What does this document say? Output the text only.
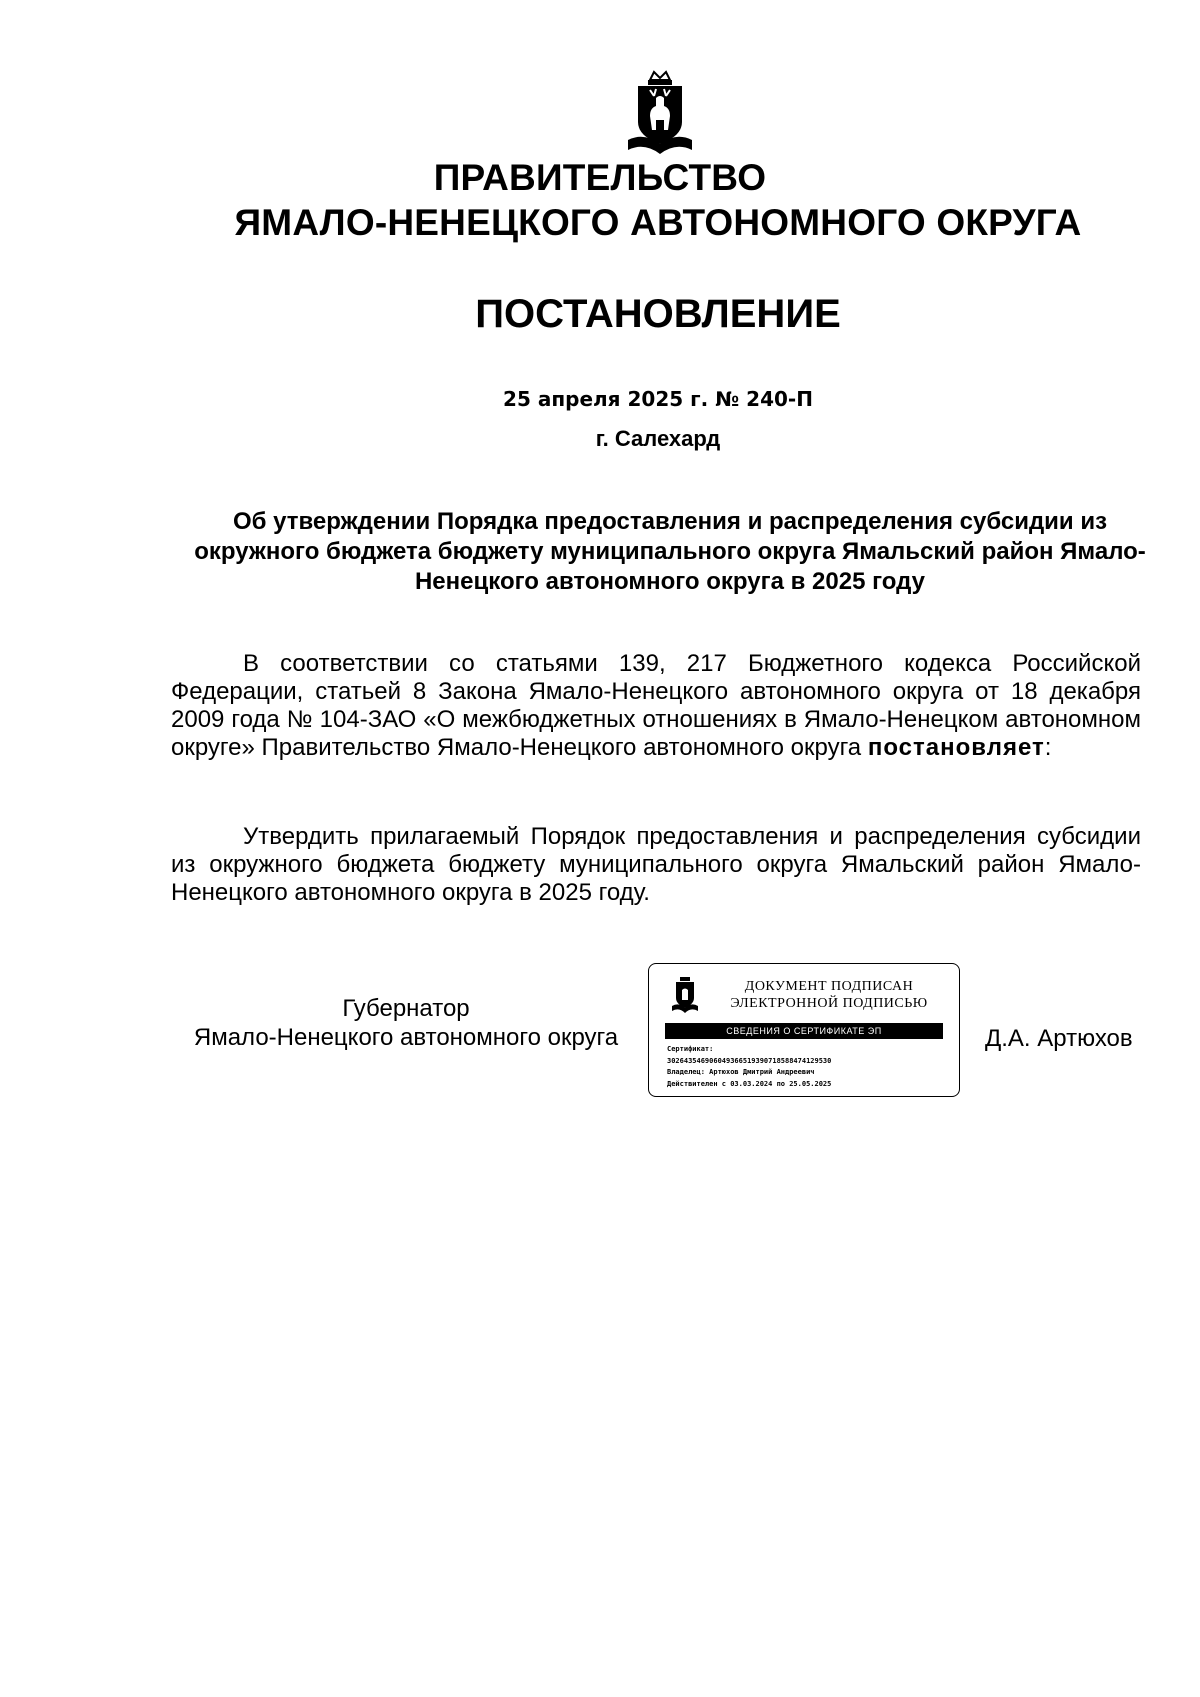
ПРАВИТЕЛЬСТВО
ЯМАЛО-НЕНЕЦКОГО АВТОНОМНОГО ОКРУГА
ПОСТАНОВЛЕНИЕ
25 апреля 2025 г. № 240-П
г. Салехард
Об утверждении Порядка предоставления и распределения субсидии из окружного бюджета бюджету муниципального округа Ямальский район Ямало-Ненецкого автономного округа в 2025 году
В соответствии со статьями 139, 217 Бюджетного кодекса Российской Федерации, статьей 8 Закона Ямало-Ненецкого автономного округа от 18 декабря 2009 года № 104-ЗАО «О межбюджетных отношениях в Ямало-Ненецком автономном округе» Правительство Ямало-Ненецкого автономного округа постановляет:
Утвердить прилагаемый Порядок предоставления и распределения субсидии из окружного бюджета бюджету муниципального округа Ямальский район Ямало-Ненецкого автономного округа в 2025 году.
Губернатор
Ямало-Ненецкого автономного округа
ДОКУМЕНТ ПОДПИСАН
ЭЛЕКТРОННОЙ ПОДПИСЬЮ
СВЕДЕНИЯ О СЕРТИФИКАТЕ ЭП
Сертификат:
302643546906049366519390718588474129530
Владелец: Артюхов Дмитрий Андреевич
Действителен с 03.03.2024 по 25.05.2025
Д.А. Артюхов
